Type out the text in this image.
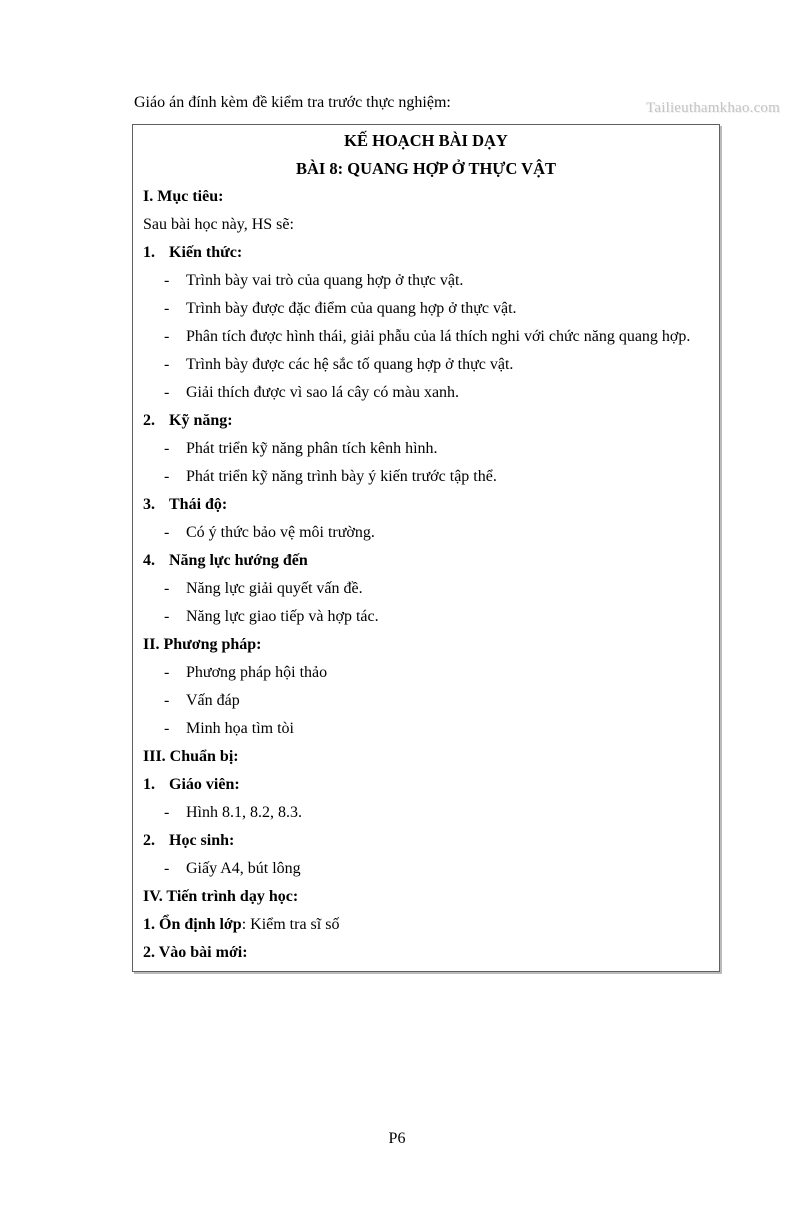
Tailieuthamkhao.com
Giáo án đính kèm đề kiểm tra trước thực nghiệm:
KẾ HOẠCH BÀI DẠY
BÀI 8: QUANG HỢP Ở THỰC VẬT
I. Mục tiêu:
Sau bài học này, HS sẽ:
1. Kiến thức:
-	Trình bày vai trò của quang hợp ở thực vật.
-	Trình bày được đặc điểm của quang hợp ở thực vật.
-	Phân tích được hình thái, giải phẫu của lá thích nghi với chức năng quang hợp.
-	Trình bày được các hệ sắc tố quang hợp ở thực vật.
-	Giải thích được vì sao lá cây có màu xanh.
2. Kỹ năng:
-	Phát triển kỹ năng phân tích kênh hình.
-	Phát triển kỹ năng trình bày ý kiến trước tập thể.
3. Thái độ:
-	Có ý thức bảo vệ môi trường.
4. Năng lực hướng đến
-	Năng lực giải quyết vấn đề.
-	Năng lực giao tiếp và hợp tác.
II. Phương pháp:
-	Phương pháp hội thảo
-	Vấn đáp
-	Minh họa tìm tòi
III. Chuẩn bị:
1. Giáo viên:
-	Hình 8.1, 8.2, 8.3.
2. Học sinh:
-	Giấy A4, bút lông
IV. Tiến trình dạy học:
1. Ổn định lớp: Kiểm tra sĩ số
2. Vào bài mới:
P6
